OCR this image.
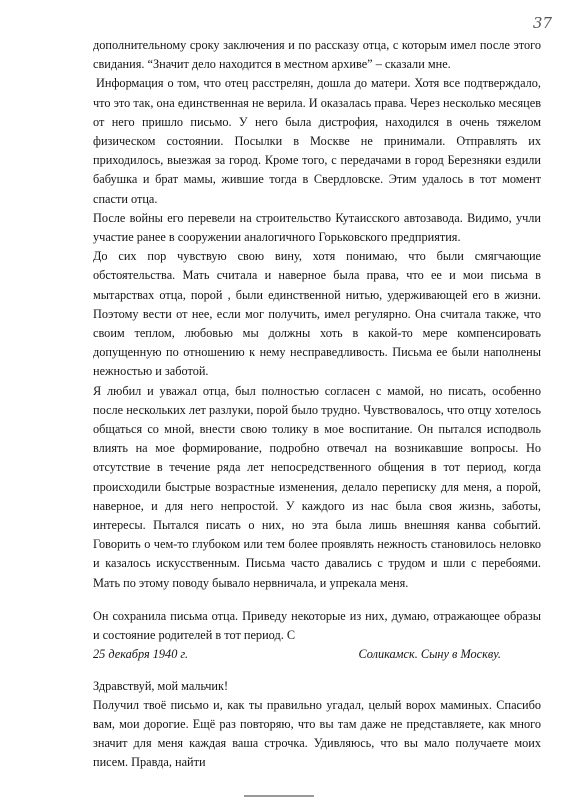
37

дополнительному сроку заключения и по рассказу отца, с которым имел после этого свидания. “Значит дело находится в местном архиве” – сказали мне.

Информация о том, что отец расстрелян, дошла до матери. Хотя все подтверждало, что это так, она единственная не верила. И оказалась права. Через несколько месяцев от него пришло письмо. У него была дистрофия, находился в очень тяжелом физическом состоянии. Посылки в Москве не принимали. Отправлять их приходилось, выезжая за город. Кроме того, с передачами в город Березняки ездили бабушка и брат мамы, жившие тогда в Свердловске. Этим удалось в тот момент спасти отца.

После войны его перевели на строительство Кутаисского автозавода. Видимо, учли участие ранее в сооружении аналогичного Горьковского предприятия.

До сих пор чувствую свою вину, хотя понимаю, что были смягчающие обстоятельства. Мать считала и наверное была права, что ее и мои письма в мытарствах отца, порой , были единственной нитью, удерживающей его в жизни. Поэтому вести от нее, если мог получить, имел регулярно. Она считала также, что своим теплом, любовью мы должны хоть в какой-то мере компенсировать допущенную по отношению к нему несправедливость. Письма ее были наполнены нежностью и заботой.

Я любил и уважал отца, был полностью согласен с мамой, но писать, особенно после нескольких лет разлуки, порой было трудно. Чувствовалось, что отцу хотелось общаться со мной, внести свою толику в мое воспитание. Он пытался исподволь влиять на мое формирование, подробно отвечал на возникавшие вопросы. Но отсутствие в течение ряда лет непосредственного общения в тот период, когда происходили быстрые возрастные изменения, делало переписку для меня, а порой, наверное, и для него непростой. У каждого из нас была своя жизнь, заботы, интересы. Пытался писать о них, но эта была лишь внешняя канва событий. Говорить о чем-то глубоком или тем более проявлять нежность становилось неловко и казалось искусственным. Письма часто давались с трудом и шли с перебоями. Мать по этому поводу бывало нервничала, и упрекала меня.

Он сохранила письма отца. Приведу некоторые из них, думаю, отражающее образы и состояние родителей в тот период. С

25 декабря 1940 г.	Соликамск. Сыну в Москву.

Здравствуй, мой мальчик!

Получил твоё письмо и, как ты правильно угадал, целый ворох маминых. Спасибо вам, мои дорогие. Ещё раз повторяю, что вы там даже не представляете, как много значит для меня каждая ваша строчка. Удивляюсь, что вы мало получаете моих писем. Правда, найти
